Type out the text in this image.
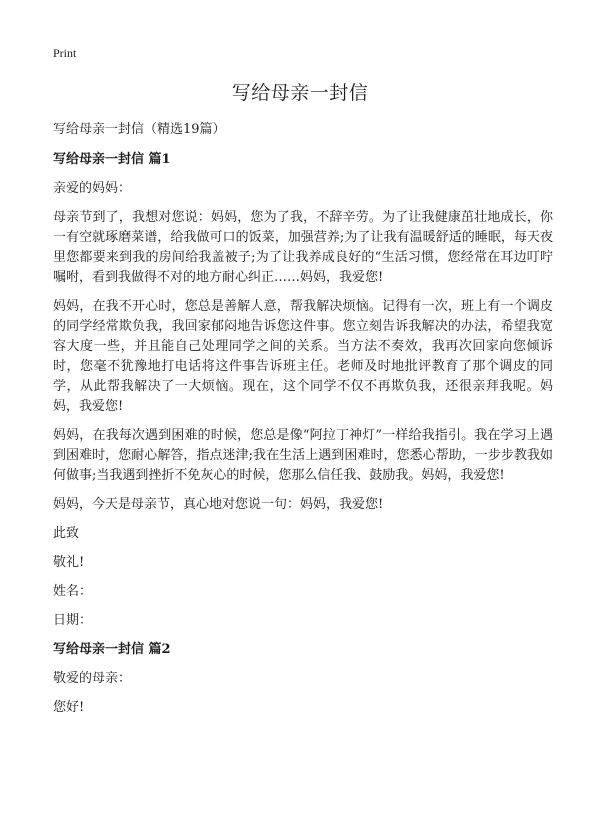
Print
写给母亲一封信

写给母亲一封信（精选19篇）

写给母亲一封信 篇1

亲爱的妈妈：

母亲节到了，我想对您说：妈妈，您为了我，不辞辛劳。为了让我健康茁壮地成长，你一有空就琢磨菜谱，给我做可口的饭菜，加强营养;为了让我有温暖舒适的睡眠，每天夜里您都要来到我的房间给我盖被子;为了让我养成良好的“生活习惯，您经常在耳边叮咛嘱咐，看到我做得不对的地方耐心纠正……妈妈，我爱您!

妈妈，在我不开心时，您总是善解人意，帮我解决烦恼。记得有一次，班上有一个调皮的同学经常欺负我，我回家郁闷地告诉您这件事。您立刻告诉我解决的办法，希望我宽容大度一些，并且能自己处理同学之间的关系。当方法不奏效，我再次回家向您倾诉时，您毫不犹豫地打电话将这件事告诉班主任。老师及时地批评教育了那个调皮的同学，从此帮我解决了一大烦恼。现在，这个同学不仅不再欺负我，还很亲拜我呢。妈妈，我爱您!

妈妈，在我每次遇到困难的时候，您总是像“阿拉丁神灯”一样给我指引。我在学习上遇到困难时，您耐心解答，指点迷津;我在生活上遇到困难时，您悉心帮助，一步步教我如何做事;当我遇到挫折不免灰心的时候，您那么信任我、鼓励我。妈妈，我爱您!

妈妈，今天是母亲节，真心地对您说一句：妈妈，我爱您!

此致

敬礼!

姓名：

日期：

写给母亲一封信 篇2

敬爱的母亲：

您好!
